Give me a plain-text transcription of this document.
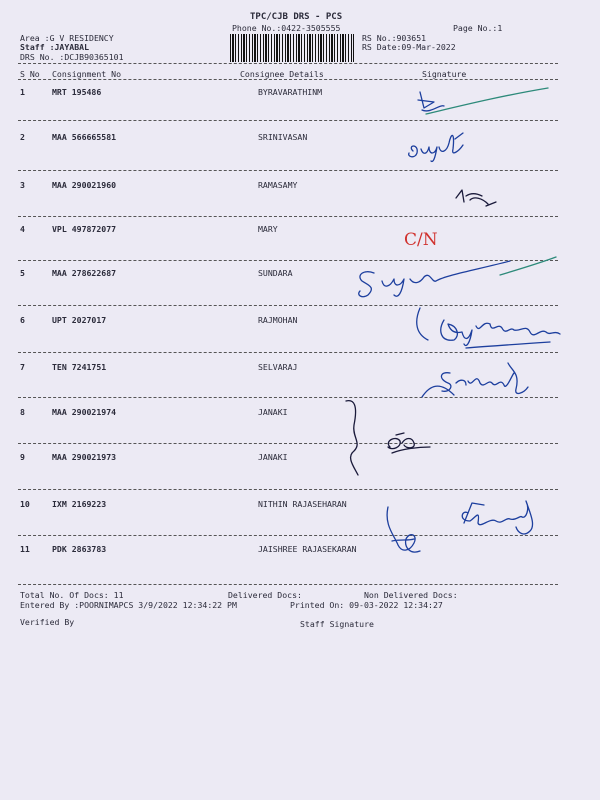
TPC/CJB DRS - PCS
Phone No.:0422-3505555	Page No.:1
Area :G V RESIDENCY
Staff :JAYABAL
DRS No. :DCJB90365101
RS No.:903651
RS Date:09-Mar-2022
S No Consignment No	Consignee Details	Signature
1	MRT 195486	BYRAVARATHINM
2	MAA 566665581	SRINIVASAN
3	MAA 290021960	RAMASAMY
4	VPL 497872077	MARY
5	MAA 278622687	SUNDARA
6	UPT 2027017	RAJMOHAN
7	TEN 7241751	SELVARAJ
8	MAA 290021974	JANAKI
9	MAA 290021973	JANAKI
10	IXM 2169223	NITHIN RAJASEHARAN
11	PDK 2863783	JAISHREE RAJASEKARAN
Total No. Of Docs: 11	Delivered Docs:	Non Delivered Docs:
Entered By :POORNIMAPCS 3/9/2022 12:34:22 PM	Printed On: 09-03-2022 12:34:27
Verified By	Staff Signature
C/N
